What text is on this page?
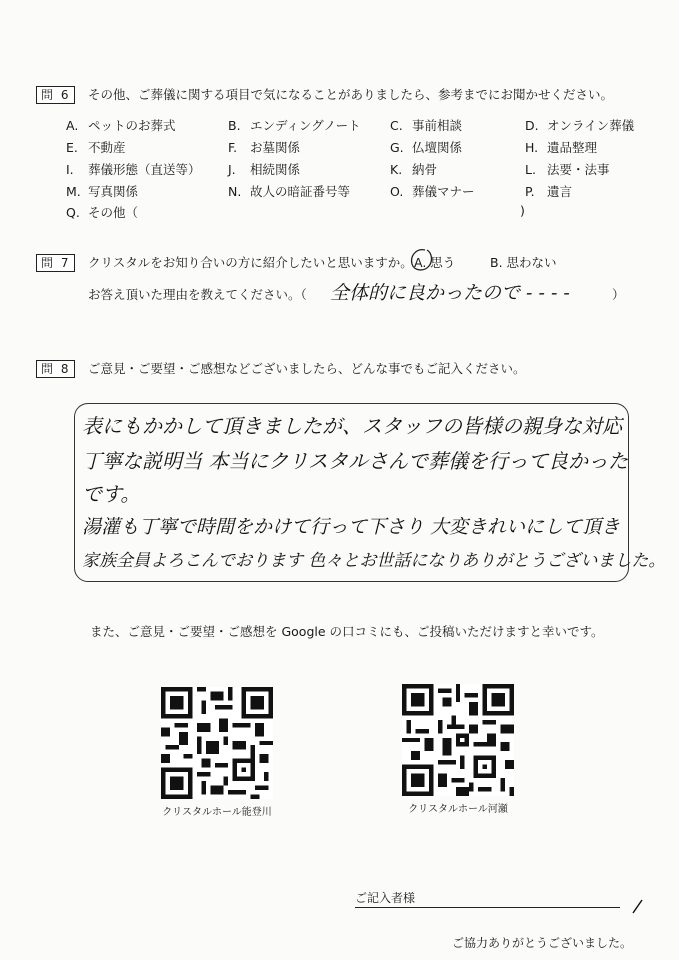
問 6	その他、ご葬儀に関する項目で気になることがありましたら、参考までにお聞かせください。
A. ペットのお葬式	B. エンディングノート C. 事前相談	D. オンライン葬儀
E. 不動産	F. お墓関係	G. 仏壇関係	H. 遺品整理
I. 葬儀形態（直送等） J. 相続関係	K. 納骨	L. 法要・法事
M. 写真関係	N. 故人の暗証番号等	O. 葬儀マナー	P. 遺言
Q. その他（	)
問 7	クリスタルをお知り合いの方に紹介したいと思いますか。 A. 思う	B. 思わない
お答え頂いた理由を教えてください。（ 全体的に良かったので - - - -	）
問 8	ご意見・ご要望・ご感想などございましたら、どんな事でもご記入ください。
表にもかかして頂きましたが、スタッフの皆様の親身な対応
丁寧な説明当 本当にクリスタルさんで葬儀を行って良かった
です。
湯灌も丁寧で時間をかけて行って下さり 大変きれいにして頂き
家族全員よろこんでおります 色々とお世話になりありがとうございました。
また、ご意見・ご要望・ご感想を Google の口コミにも、ご投稿いただけますと幸いです。
クリスタルホール能登川	クリスタルホール河瀬
ご記入者様
ご協力ありがとうございました。
